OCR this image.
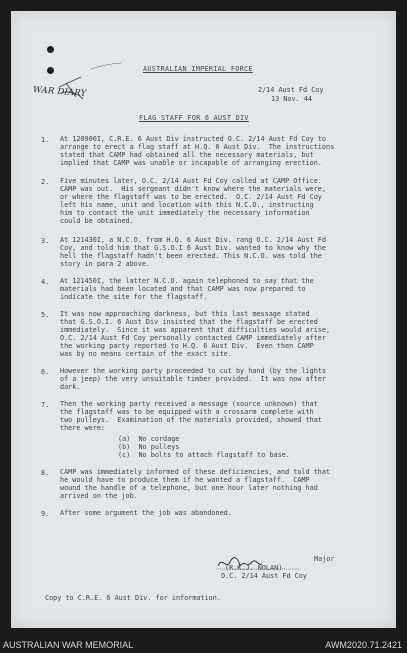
WAR DIARY
AUSTRALIAN IMPERIAL FORCE
2/14 Aust Fd Coy
13 Nov. 44
FLAG STAFF FOR 6 AUST DIV
1. At 120900I, C.R.E. 6 Aust Div instructed O.C. 2/14 Aust Fd Coy to
arrange to erect a flag staff at H.Q. 6 Aust Div.  The instructions
stated that CAMP had obtained all the necessary materials, but
implied that CAMP was unable or incapable of arranging erection.
2. Five minutes later, O.C. 2/14 Aust Fd Coy called at CAMP Office.
CAMP was out.  His sergeant didn't know where the materials were,
or where the flagstaff was to be erected.  O.C. 2/14 Aust Fd Coy
left his name, unit and location with this N.C.O., instructing
him to contact the unit immediately the necessary information
could be obtained.
3. At 121430I, a N.C.O. from H.Q. 6 Aust Div. rang O.C. 2/14 Aust Fd
Coy, and told him that G.S.O.I 6 Aust Div. wanted to know why the
hell the flagstaff hadn't been erected. This N.C.O. was told the
story in para 2 above.
4. At 121450I, the latter N.C.O. again telephoned to say that the
materials had been located and that CAMP was now prepared to
indicate the site for the flagstaff.
5. It was now approaching darkness, but this last message stated
that G.S.O.I. 6 Aust Div insisted that the flagstaff be erected
immediately.  Since it was apparent that difficulties would arise,
O.C. 2/14 Aust Fd Coy personally contacted CAMP immediately after
the working party reported to H.Q. 6 Aust Div.  Even then CAMP
was by no means certain of the exact site.
6. However the working party proceeded to cut by hand (by the lights
of a jeep) the very unsuitable timber provided.  It was now after
dark.
7. Then the working party received a message (source unknown) that
the flagstaff was to be equipped with a crossarm complete with
two pulleys.  Examination of the materials provided, showed that
there were:
(a)  No cordage
(b)  No pulleys
(c)  No bolts to attach flagstaff to base.
8. CAMP was immediately informed of these deficiencies, and told that
he would have to produce them if he wanted a flagstaff.  CAMP
wound the handle of a telephone, but one hour later nothing had
arrived on the job.
9. After some argument the job was abandoned.
Major
(R.K.J. NOLAN)
O.C. 2/14 Aust Fd Coy
Copy to C.R.E. 6 Aust Div. for information.
AUSTRALIAN WAR MEMORIAL	AWM2020.71.2421
